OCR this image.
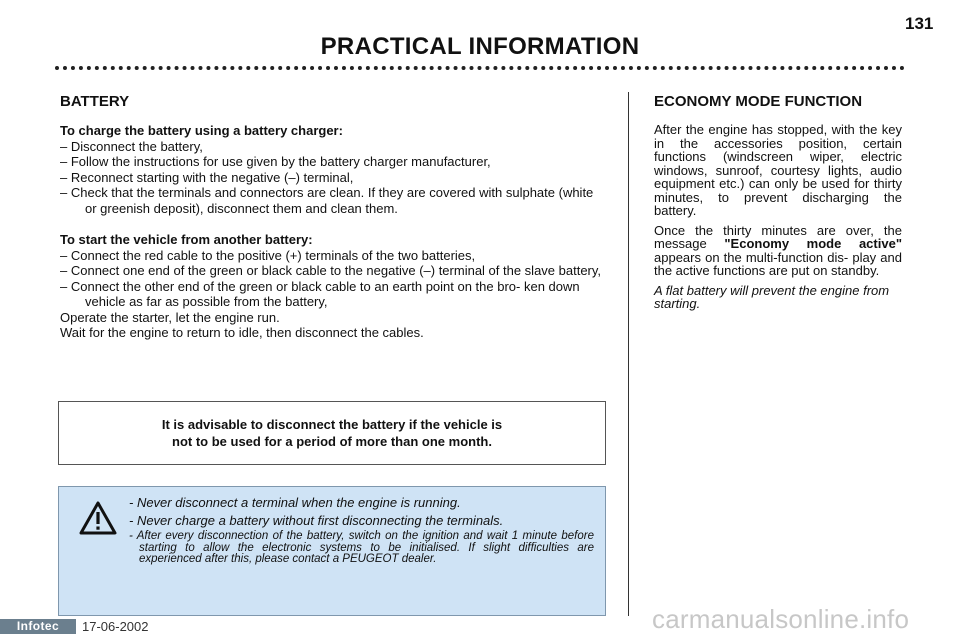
131
PRACTICAL INFORMATION
BATTERY

To charge the battery using a battery charger:

– Disconnect the battery,

– Follow the instructions for use given by the battery charger manufacturer,

– Reconnect starting with the negative (–) terminal,

– Check that the terminals and connectors are clean. If they are covered with sulphate (white or greenish deposit), disconnect them and clean them.

To start the vehicle from another battery:

– Connect the red cable to the positive (+) terminals of the two batteries,

– Connect one end of the green or black cable to the negative (–) terminal of the slave battery,

– Connect the other end of the green or black cable to an earth point on the bro- ken down vehicle as far as possible from the battery,

Operate the starter, let the engine run.

Wait for the engine to return to idle, then disconnect the cables.

ECONOMY MODE FUNCTION

After the engine has stopped, with the key in the accessories position, certain functions (windscreen wiper, electric windows, sunroof, courtesy lights, audio equipment etc.) can only be used for thirty minutes, to prevent discharging the battery.

Once the thirty minutes are over, the message "Economy mode active" appears on the multi-function dis- play and the active functions are put on standby.

A flat battery will prevent the engine from starting.

It is advisable to disconnect the battery if the vehicle is
not to be used for a period of more than one month.

- Never disconnect a terminal when the engine is running.

- Never charge a battery without first disconnecting the terminals.

- After every disconnection of the battery, switch on the ignition and wait 1 minute before starting to allow the electronic systems to be initialised. If slight difficulties are experienced after this, please contact a PEUGEOT dealer.

Infotec	17-06-2002	carmanualsonline.info
